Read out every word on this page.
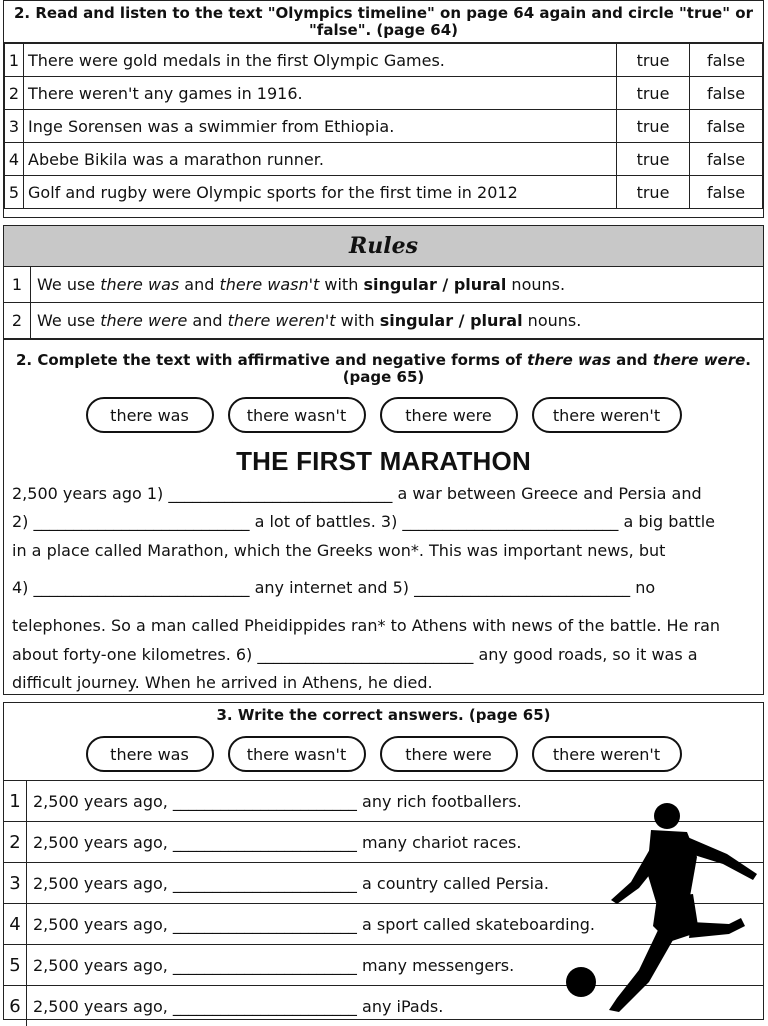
2. Read and listen to the text "Olympics timeline" on page 64 again and circle "true" or
"false". (page 64)
1	There were gold medals in the first Olympic Games.	true	false
2	There weren't any games in 1916.	true	false
3	Inge Sorensen was a swimmier from Ethiopia.	true	false
4	Abebe Bikila was a marathon runner.	true	false
5	Golf and rugby were Olympic sports for the first time in 2012	true	false
Rules
1 We use there was and there wasn't with singular / plural nouns.
2 We use there were and there weren't with singular / plural nouns.
2. Complete the text with affirmative and negative forms of there was and there were.
(page 65)
there was	there wasn't	there were	there weren't
THE FIRST MARATHON
2,500 years ago 1) ____________________________ a war between Greece and Persia and
2) ___________________________ a lot of battles. 3) ___________________________ a big battle
in a place called Marathon, which the Greeks won*. This was important news, but
4) ___________________________ any internet and 5) ___________________________ no
telephones. So a man called Pheidippides ran* to Athens with news of the battle. He ran
about forty-one kilometres. 6) ___________________________ any good roads, so it was a
difficult journey. When he arrived in Athens, he died.
3. Write the correct answers. (page 65)
there was	there wasn't	there were	there weren't
1 2,500 years ago, _______________________ any rich footballers.
2 2,500 years ago, _______________________ many chariot races.
3 2,500 years ago, _______________________ a country called Persia.
4 2,500 years ago, _______________________ a sport called skateboarding.
5 2,500 years ago, _______________________ many messengers.
6 2,500 years ago, _______________________ any iPads.
